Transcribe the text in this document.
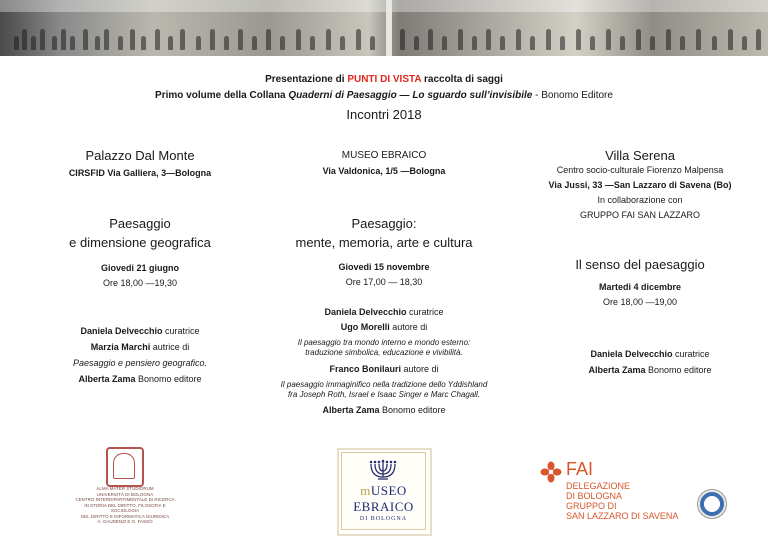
Presentazione di PUNTI DI VISTA raccolta di saggi
Primo volume della Collana Quaderni di Paesaggio — Lo sguardo sull’invisibile - Bonomo Editore
Incontri 2018
Palazzo Dal Monte
CIRSFID Via Galliera, 3—Bologna
Paesaggio
e dimensione geografica
Giovedi 21 giugno
Ore 18,00 —19,30

Daniela Delvecchio curatrice

Marzia Marchi autrice di

Paesaggio e pensiero geografico.

Alberta Zama Bonomo editore

MUSEO EBRAICO
Via Valdonica, 1/5 —Bologna
Paesaggio:
mente, memoria, arte e cultura
Giovedi 15 novembre
Ore 17,00 — 18,30

Daniela Delvecchio curatrice

Ugo Morelli autore di

Il paesaggio tra mondo interno e mondo esterno: traduzione simbolica, educazione e vivibilità.

Franco Bonilauri autore di

Il paesaggio immaginifico nella tradizione dello Yddishland fra Joseph Roth, Israel e Isaac Singer e Marc Chagall.

Alberta Zama Bonomo editore

Villa Serena
Centro socio-culturale Fiorenzo Malpensa
Via Jussi, 33 —San Lazzaro di Savena (Bo)
In collaborazione con
GRUPPO FAI SAN LAZZARO
Il senso del paesaggio
Martedi 4 dicembre
Ore 18,00 —19,00

Daniela Delvecchio curatrice

Alberta Zama Bonomo editore

ALMA MATER STUDIORUM
UNIVERSITÀ DI BOLOGNA
CENTRO INTERDIPARTIMENTALE DI RICERCA
IN STORIA DEL DIRITTO, FILOSOFIA E SOCIOLOGIA
DEL DIRITTO E INFORMATICA GIURIDICA
A. GAUDENZI E G. FASSÒ
mUSEO
EBRAICO
DI BOLOGNA
FAI
DELEGAZIONE
DI BOLOGNA
GRUPPO DI
SAN LAZZARO DI SAVENA
